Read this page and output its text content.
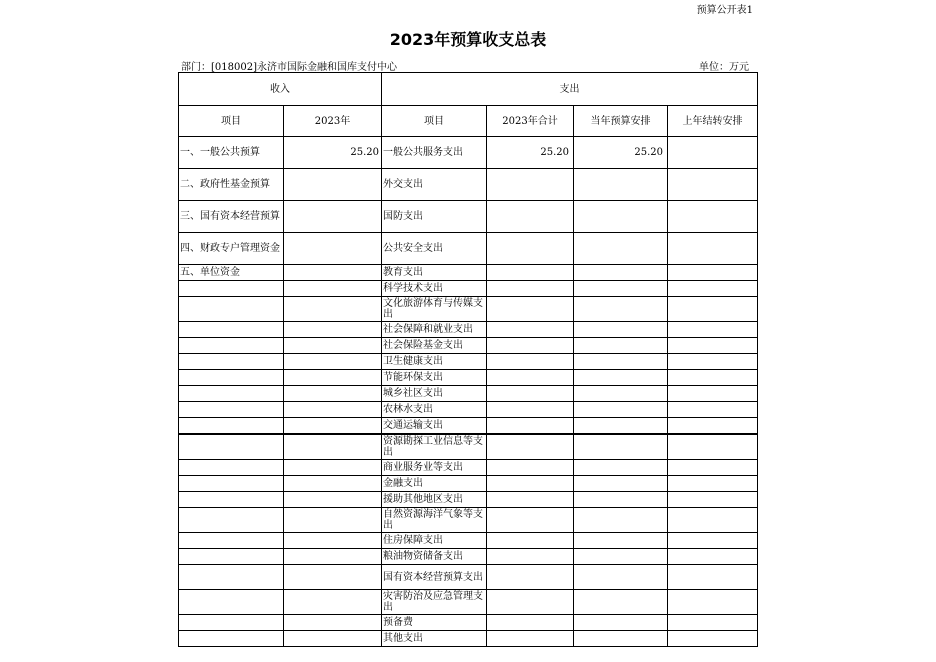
预算公开表1
2023年预算收支总表
部门：[018002]永济市国际金融和国库支付中心	单位：万元
收入		支出			
项目	2023年	项目	2023年合计	当年预算安排	上年结转安排
一、一般公共预算	25.20	一般公共服务支出	25.20	25.20	
二、政府性基金预算		外交支出			
三、国有资本经营预算		国防支出			
四、财政专户管理资金		公共安全支出			
五、单位资金		教育支出			
		科学技术支出			
		文化旅游体育与传媒支出			
		社会保障和就业支出			
		社会保险基金支出			
		卫生健康支出			
		节能环保支出			
		城乡社区支出			
		农林水支出			
		交通运输支出			
		资源勘探工业信息等支出			
		商业服务业等支出			
		金融支出			
		援助其他地区支出			
		自然资源海洋气象等支出			
		住房保障支出			
		粮油物资储备支出			
		国有资本经营预算支出			
		灾害防治及应急管理支出			
		预备费			
		其他支出			
